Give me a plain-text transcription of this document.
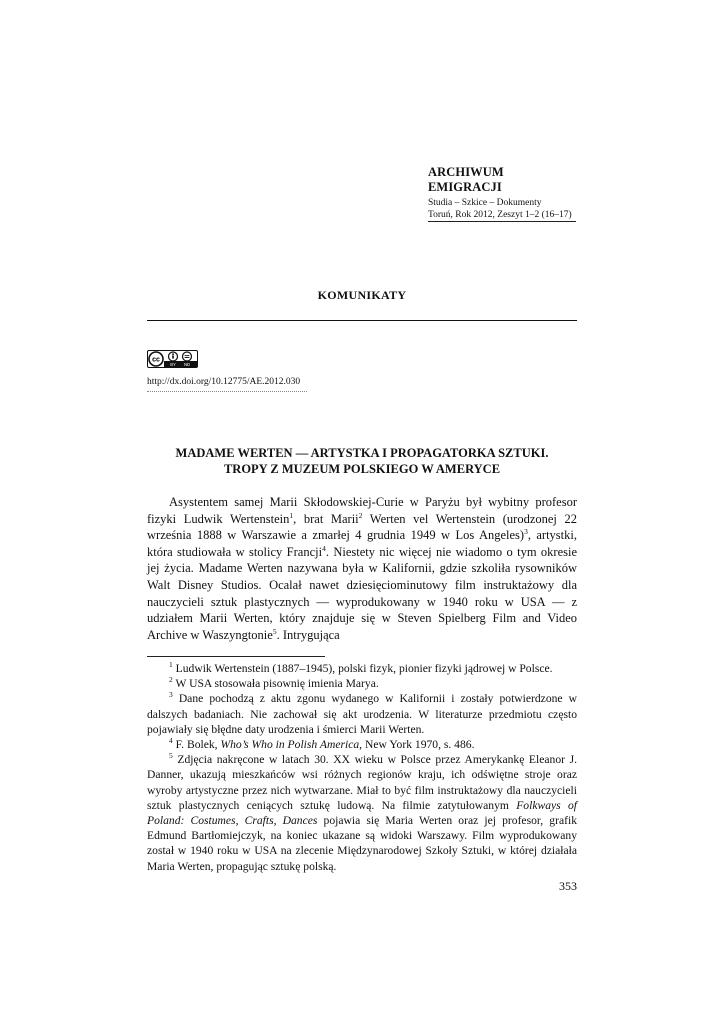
ARCHIWUM EMIGRACJI
Studia – Szkice – Dokumenty
Toruń, Rok 2012, Zeszyt 1–2 (16–17)
KOMUNIKATY
cc
BY ND
http://dx.doi.org/10.12775/AE.2012.030
MADAME WERTEN — ARTYSTKA I PROPAGATORKA SZTUKI.
TROPY Z MUZEUM POLSKIEGO W AMERYCE

Asystentem samej Marii Skłodowskiej-Curie w Paryżu był wybitny profesor fizyki Ludwik Wertenstein$^1$, brat Marii$^2$ Werten vel Wertenstein (urodzonej 22 września 1888 w Warszawie a zmarłej 4 grudnia 1949 w Los Angeles)$^3$, artystki, która studiowała w stolicy Francji$^4$. Niestety nic więcej nie wiadomo o tym okresie jej życia. Madame Werten nazywana była w Kalifornii, gdzie szkoliła rysowników Walt Disney Studios. Ocalał nawet dziesięciominutowy film instruktażowy dla nauczycieli sztuk plastycznych — wyprodukowany w 1940 roku w USA — z udziałem Marii Werten, który znajduje się w Steven Spielberg Film and Video Archive w Waszyngtonie$^5$. Intrygująca

$^1$ Ludwik Wertenstein (1887–1945), polski fizyk, pionier fizyki jądrowej w Polsce.

$^2$ W USA stosowała pisownię imienia Marya.

$^3$ Dane pochodzą z aktu zgonu wydanego w Kalifornii i zostały potwierdzone w dalszych badaniach. Nie zachował się akt urodzenia. W literaturze przedmiotu często pojawiały się błędne daty urodzenia i śmierci Marii Werten.

$^4$ F. Bolek, Who’s Who in Polish America, New York 1970, s. 486.

$^5$ Zdjęcia nakręcone w latach 30. XX wieku w Polsce przez Amerykankę Eleanor J. Danner, ukazują mieszkańców wsi różnych regionów kraju, ich odświętne stroje oraz wyroby artystyczne przez nich wytwarzane. Miał to być film instruktażowy dla nauczycieli sztuk plastycznych ceniących sztukę ludową. Na filmie zatytułowanym Folkways of Poland: Costumes, Crafts, Dances pojawia się Maria Werten oraz jej profesor, grafik Edmund Bartłomiejczyk, na koniec ukazane są widoki Warszawy. Film wyprodukowany został w 1940 roku w USA na zlecenie Międzynarodowej Szkoły Sztuki, w której działała Maria Werten, propagując sztukę polską.

353
